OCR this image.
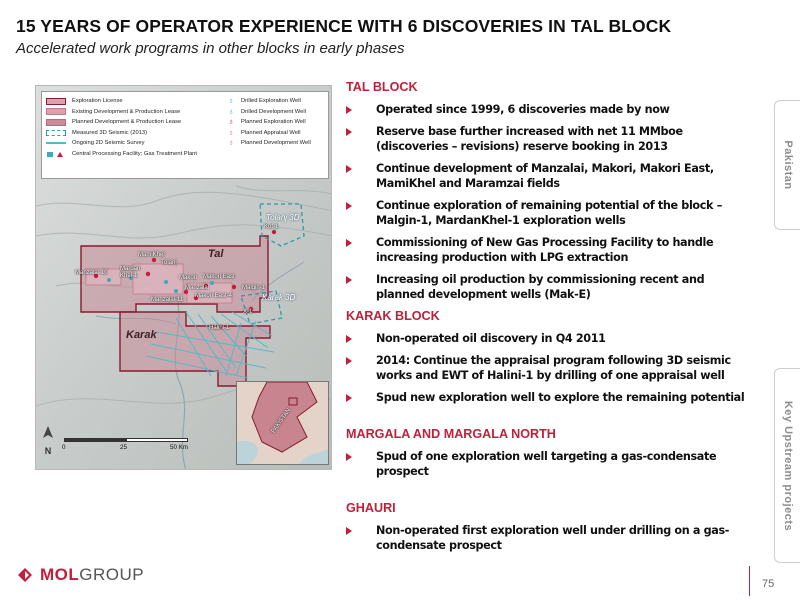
15 YEARS OF OPERATOR EXPERIENCE WITH 6 DISCOVERIES IN TAL BLOCK
Accelerated work programs in other blocks in early phases
Exploration License
Existing Development & Production Lease
Planned Development & Production Lease
Measured 3D Seismic (2013)
Ongoing 2D Seismic Survey
Central Processing Facility; Gas Treatment Plant
♁ Drilled Exploration Well
♁ Drilled Development Well
♁ Planned Exploration Well
♁ Planned Appraisal Well
♁ Planned Development Well
Tal
Karak
Tolanj 3D
Karak 3D
Kot-1
MamiKhel
Tolanj
Mardan Khel-1
Manzalai-10
Manzalai-11
Makori
Manzalai
Makori East
Makori East-4
Malgin-1
X-1
Halini-1
N	0	25	50 Km
PAKISTAN
TAL BLOCK
Operated since 1999, 6 discoveries made by now
Reserve base further increased with net 11 MMboe (discoveries – revisions) reserve booking in 2013
Continue development of Manzalai, Makori, Makori East, MamiKhel and Maramzai fields
Continue exploration of remaining potential of the block –Malgin-1, MardanKhel-1 exploration wells
Commissioning of New Gas Processing Facility to handle increasing production with LPG extraction
Increasing oil production by commissioning recent and planned development wells (Mak-E)
KARAK BLOCK
Non-operated oil discovery in Q4 2011
2014: Continue the appraisal program following 3D seismic works and EWT of Halini-1 by drilling of one appraisal well
Spud new exploration well to explore the remaining potential
MARGALA AND MARGALA NORTH
Spud of one exploration well targeting a gas-condensate prospect
GHAURI
Non-operated first exploration well under drilling on a gas-condensate prospect
Pakistan
Key Upstream projects
MOLGROUP	75
